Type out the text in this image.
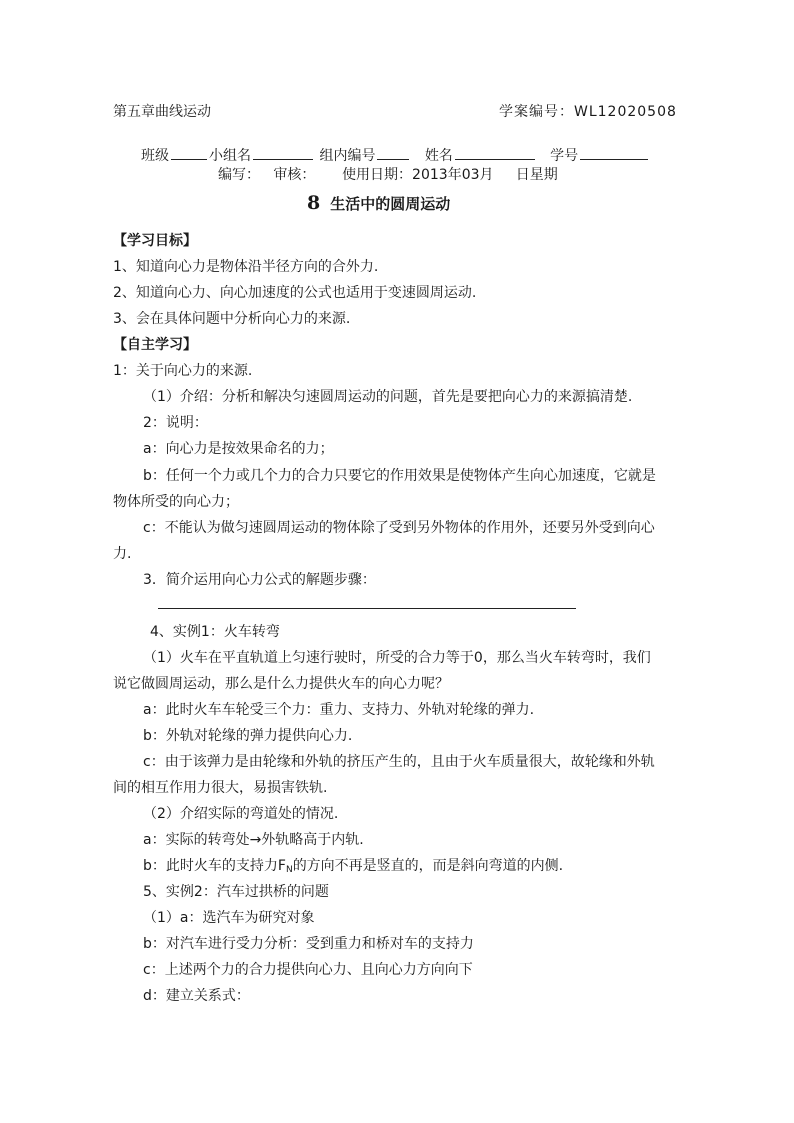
第五章曲线运动	学案编号：WL12020508
班级	小组名	组内编号	姓名	学号
编写： 审核： 使用日期：2013年03月 日星期
8 生活中的圆周运动
【学习目标】
1、知道向心力是物体沿半径方向的合外力.
2、知道向心力、向心加速度的公式也适用于变速圆周运动.
3、会在具体问题中分析向心力的来源.
【自主学习】
1：关于向心力的来源.
（1）介绍：分析和解决匀速圆周运动的问题，首先是要把向心力的来源搞清楚.
2：说明：
a：向心力是按效果命名的力；
b：任何一个力或几个力的合力只要它的作用效果是使物体产生向心加速度，它就是
物体所受的向心力；
c：不能认为做匀速圆周运动的物体除了受到另外物体的作用外，还要另外受到向心
力.
3．简介运用向心力公式的解题步骤：
4、实例1：火车转弯
（1）火车在平直轨道上匀速行驶时，所受的合力等于0，那么当火车转弯时，我们
说它做圆周运动，那么是什么力提供火车的向心力呢？
a：此时火车车轮受三个力：重力、支持力、外轨对轮缘的弹力.
b：外轨对轮缘的弹力提供向心力.
c：由于该弹力是由轮缘和外轨的挤压产生的，且由于火车质量很大，故轮缘和外轨
间的相互作用力很大，易损害铁轨.
（2）介绍实际的弯道处的情况.
a：实际的转弯处→外轨略高于内轨.
b：此时火车的支持力$F_N$的方向不再是竖直的，而是斜向弯道的内侧.
5、实例2：汽车过拱桥的问题
（1）a：选汽车为研究对象
b：对汽车进行受力分析：受到重力和桥对车的支持力
c：上述两个力的合力提供向心力、且向心力方向向下
d：建立关系式：
